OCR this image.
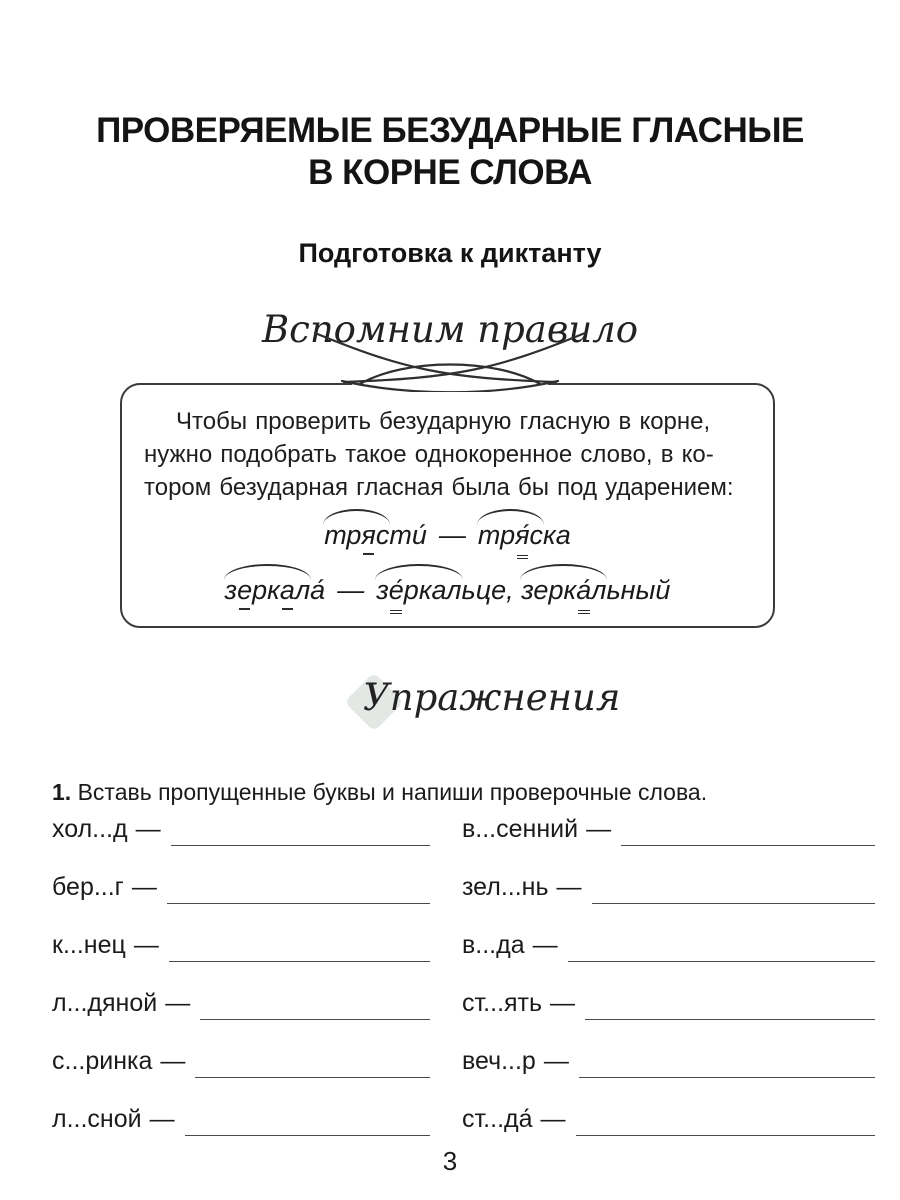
ПРОВЕРЯЕМЫЕ БЕЗУДАРНЫЕ ГЛАСНЫЕ
В КОРНЕ СЛОВА
Подготовка к диктанту
Вспомним правило
Чтобы проверить безударную гласную в корне,
нужно подобрать такое однокоренное слово, в ко-
тором безударная гласная была бы под ударением:
трясти́ — тря́ска
зеркала́ — зе́ркальце, зерка́льный
Упражнения

1. Вставь пропущенные буквы и напиши проверочные слова.

хол...д —
бер...г —
к...нец —
л...дяной —
с...ринка —
л...сной —
в...сенний —
зел...нь —
в...да —
ст...ять —
веч...р —
ст...да́ —
3
